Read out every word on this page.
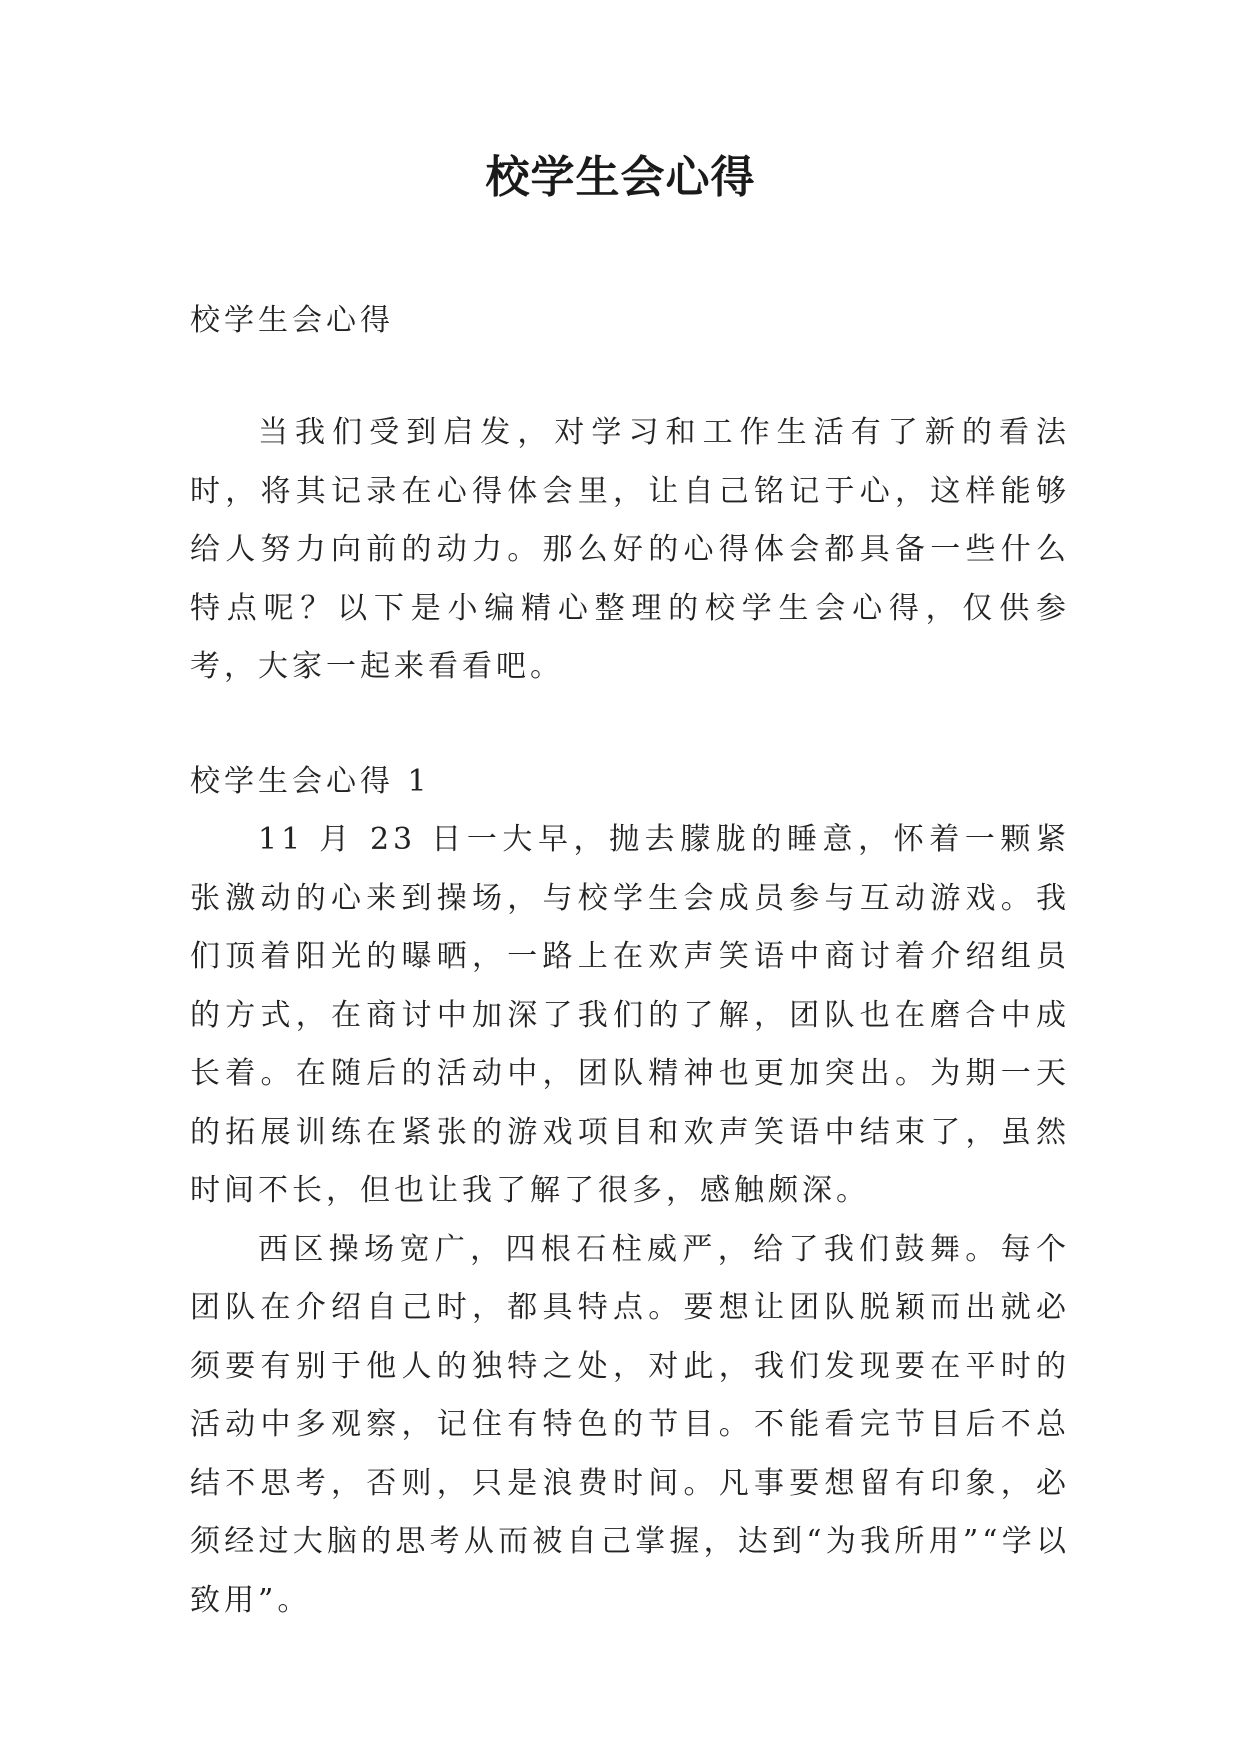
校学生会心得

校学生会心得

当我们受到启发，对学习和工作生活有了新的看法时，将其记录在心得体会里，让自己铭记于心，这样能够给人努力向前的动力。那么好的心得体会都具备一些什么特点呢？以下是小编精心整理的校学生会心得，仅供参考，大家一起来看看吧。

校学生会心得 1

11 月 23 日一大早，抛去朦胧的睡意，怀着一颗紧张激动的心来到操场，与校学生会成员参与互动游戏。我们顶着阳光的曝晒，一路上在欢声笑语中商讨着介绍组员的方式，在商讨中加深了我们的了解，团队也在磨合中成长着。在随后的活动中，团队精神也更加突出。为期一天的拓展训练在紧张的游戏项目和欢声笑语中结束了，虽然时间不长，但也让我了解了很多，感触颇深。

西区操场宽广，四根石柱威严，给了我们鼓舞。每个团队在介绍自己时，都具特点。要想让团队脱颖而出就必须要有别于他人的独特之处，对此，我们发现要在平时的活动中多观察，记住有特色的节目。不能看完节目后不总结不思考，否则，只是浪费时间。凡事要想留有印象，必须经过大脑的思考从而被自己掌握，达到“为我所用”“学以致用”。
